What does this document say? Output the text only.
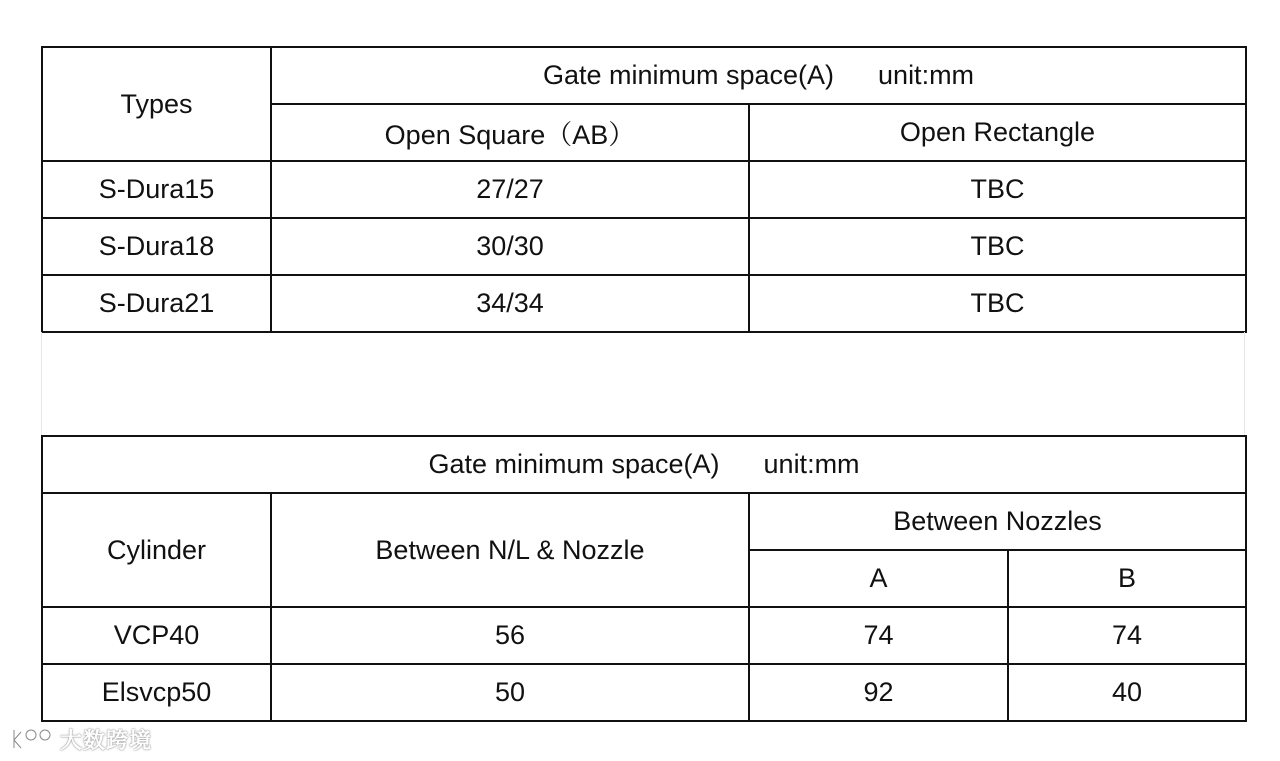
Types	Gate minimum space(A) unit:mm	
	Open Square（AB）	Open Rectangle
S-Dura15	27/27	TBC
S-Dura18	30/30	TBC
S-Dura21	34/34	TBC
Gate minimum space(A) unit:mm			
Cylinder	Between N/L & Nozzle	Between Nozzles	
		A	B
VCP40	56	74	74
Elsvcp50	50	92	40
大数跨境
